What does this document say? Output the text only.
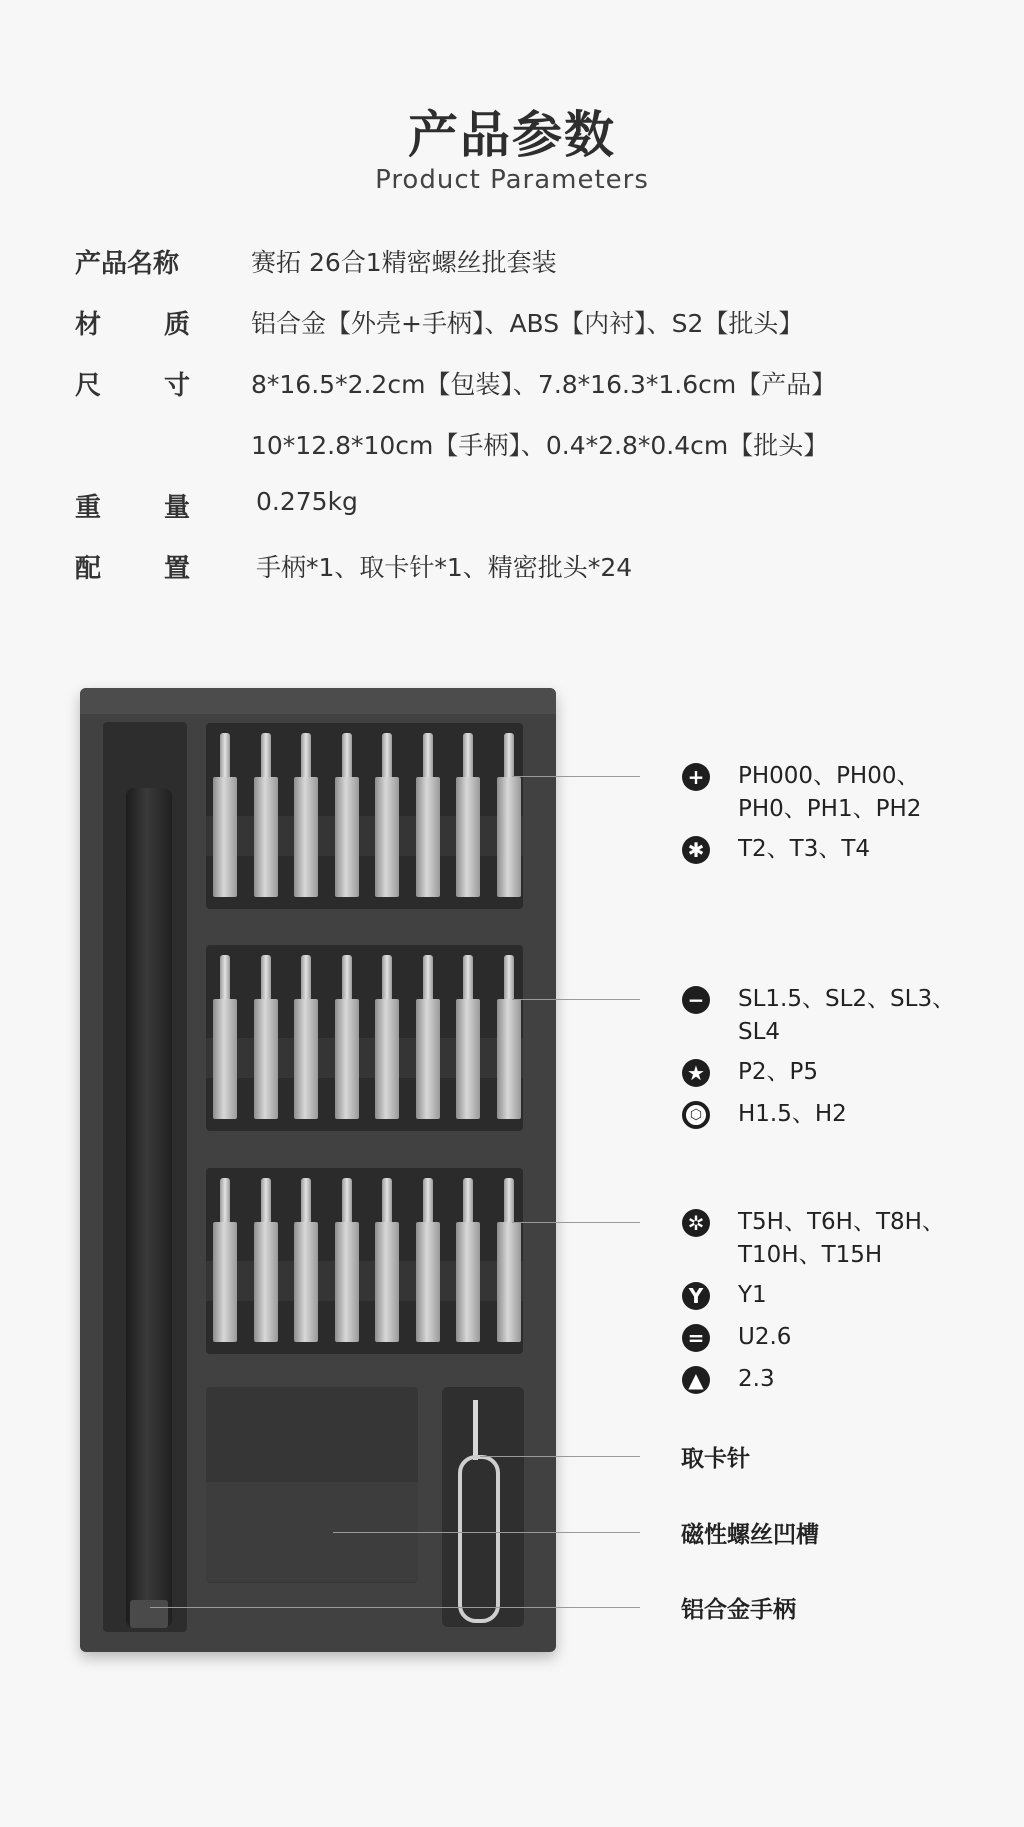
产品参数
Product Parameters
产品名称	赛拓 26合1精密螺丝批套装
材质 铝合金【外壳+手柄】、ABS【内衬】、S2【批头】
尺寸 8*16.5*2.2cm【包装】、7.8*16.3*1.6cm【产品】
10*12.8*10cm【手柄】、0.4*2.8*0.4cm【批头】
重量	0.275kg
配置	手柄*1、取卡针*1、精密批头*24
+ PH000、PH00、
PH0、PH1、PH2
✱ T2、T3、T4
− SL1.5、SL2、SL3、
SL4
★ P2、P5
⬡	H1.5、H2
✲ T5H、T6H、T8H、
T10H、T15H
Y Y1
= U2.6
▲ 2.3
取卡针
磁性螺丝凹槽
铝合金手柄
